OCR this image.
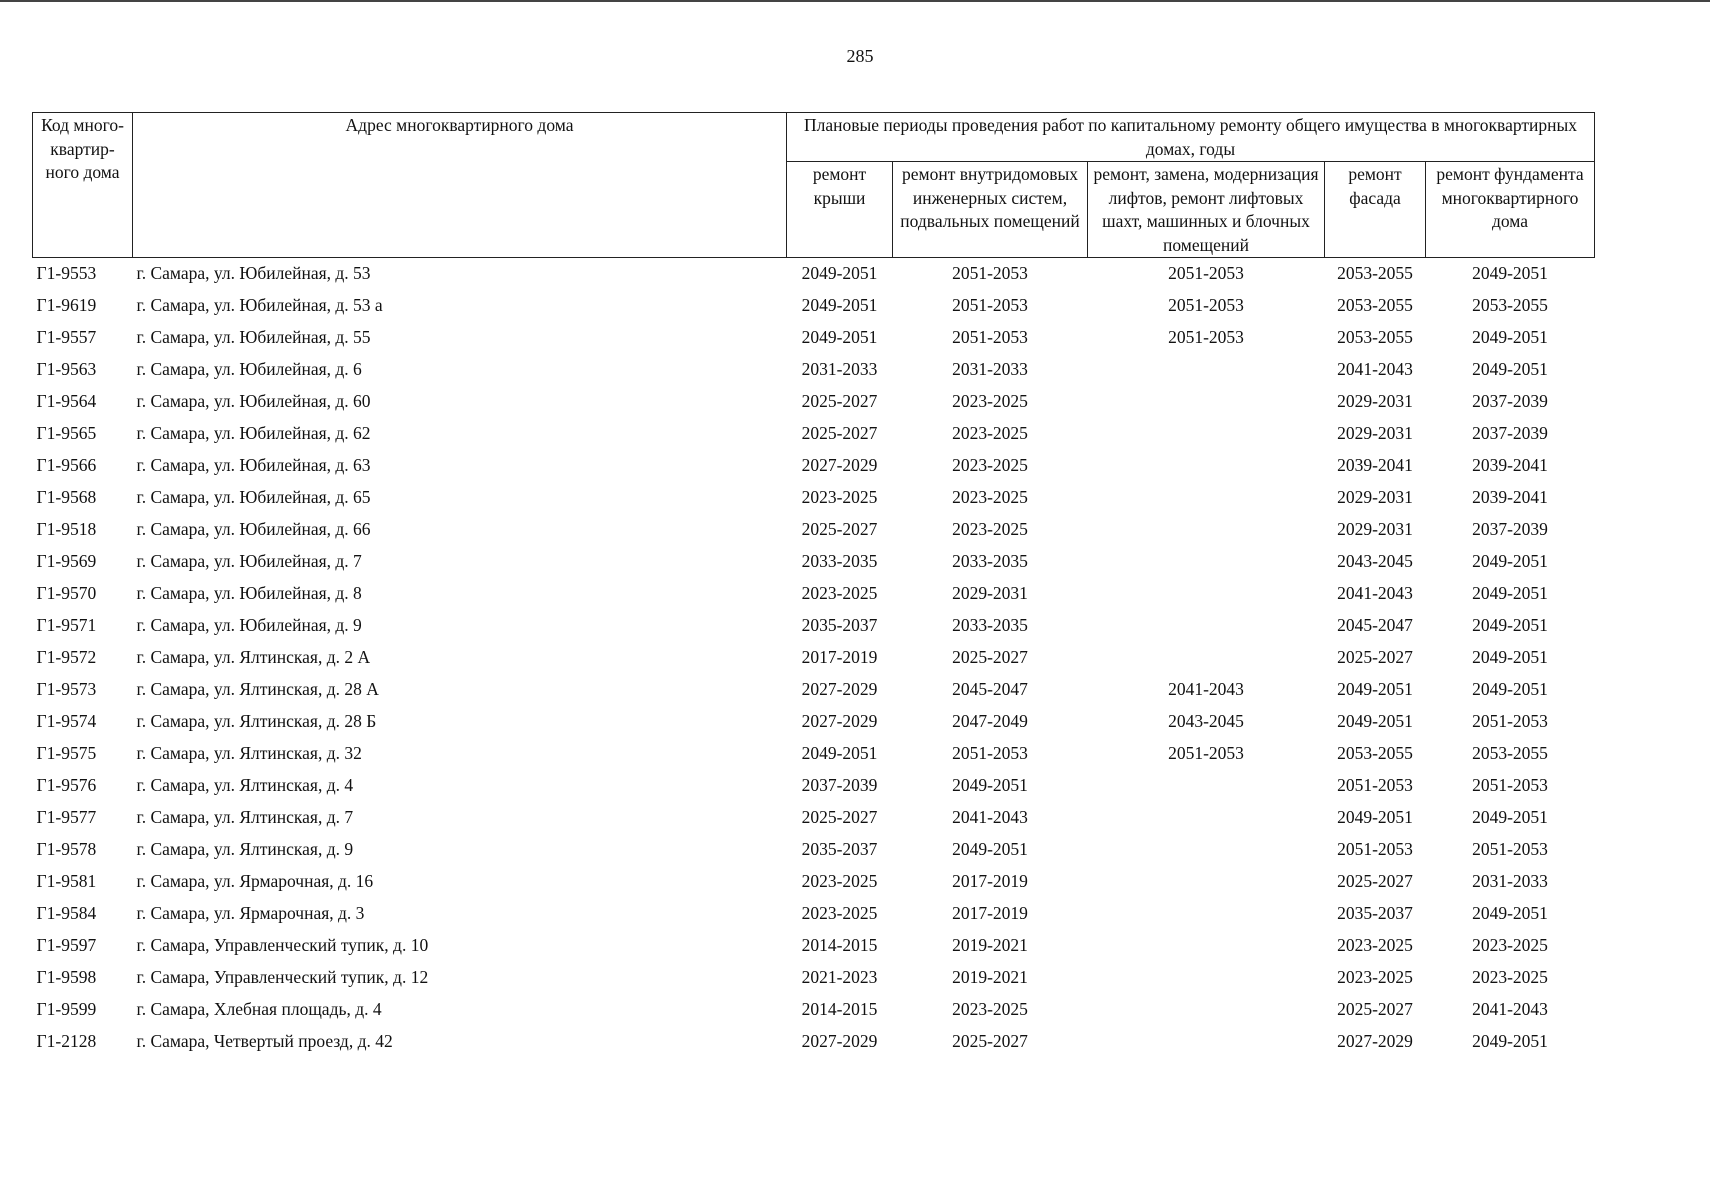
285
Код много-квартир-ного дома	Адрес многоквартирного дома	Плановые периоды проведения работ по капитальному ремонту общего имущества в многоквартирных домах, годы				
		ремонт крыши	ремонт внутридомовых инженерных систем, подвальных помещений	ремонт, замена, модернизация лифтов, ремонт лифтовых шахт, машинных и блочных помещений	ремонт фасада	ремонт фундамента многоквартирного дома
Г1-9553	г. Самара, ул. Юбилейная, д. 53	2049-2051	2051-2053	2051-2053	2053-2055	2049-2051
Г1-9619	г. Самара, ул. Юбилейная, д. 53 а	2049-2051	2051-2053	2051-2053	2053-2055	2053-2055
Г1-9557	г. Самара, ул. Юбилейная, д. 55	2049-2051	2051-2053	2051-2053	2053-2055	2049-2051
Г1-9563	г. Самара, ул. Юбилейная, д. 6	2031-2033	2031-2033		2041-2043	2049-2051
Г1-9564	г. Самара, ул. Юбилейная, д. 60	2025-2027	2023-2025		2029-2031	2037-2039
Г1-9565	г. Самара, ул. Юбилейная, д. 62	2025-2027	2023-2025		2029-2031	2037-2039
Г1-9566	г. Самара, ул. Юбилейная, д. 63	2027-2029	2023-2025		2039-2041	2039-2041
Г1-9568	г. Самара, ул. Юбилейная, д. 65	2023-2025	2023-2025		2029-2031	2039-2041
Г1-9518	г. Самара, ул. Юбилейная, д. 66	2025-2027	2023-2025		2029-2031	2037-2039
Г1-9569	г. Самара, ул. Юбилейная, д. 7	2033-2035	2033-2035		2043-2045	2049-2051
Г1-9570	г. Самара, ул. Юбилейная, д. 8	2023-2025	2029-2031		2041-2043	2049-2051
Г1-9571	г. Самара, ул. Юбилейная, д. 9	2035-2037	2033-2035		2045-2047	2049-2051
Г1-9572	г. Самара, ул. Ялтинская, д. 2 А	2017-2019	2025-2027		2025-2027	2049-2051
Г1-9573	г. Самара, ул. Ялтинская, д. 28 А	2027-2029	2045-2047	2041-2043	2049-2051	2049-2051
Г1-9574	г. Самара, ул. Ялтинская, д. 28 Б	2027-2029	2047-2049	2043-2045	2049-2051	2051-2053
Г1-9575	г. Самара, ул. Ялтинская, д. 32	2049-2051	2051-2053	2051-2053	2053-2055	2053-2055
Г1-9576	г. Самара, ул. Ялтинская, д. 4	2037-2039	2049-2051		2051-2053	2051-2053
Г1-9577	г. Самара, ул. Ялтинская, д. 7	2025-2027	2041-2043		2049-2051	2049-2051
Г1-9578	г. Самара, ул. Ялтинская, д. 9	2035-2037	2049-2051		2051-2053	2051-2053
Г1-9581	г. Самара, ул. Ярмарочная, д. 16	2023-2025	2017-2019		2025-2027	2031-2033
Г1-9584	г. Самара, ул. Ярмарочная, д. 3	2023-2025	2017-2019		2035-2037	2049-2051
Г1-9597	г. Самара, Управленческий тупик, д. 10	2014-2015	2019-2021		2023-2025	2023-2025
Г1-9598	г. Самара, Управленческий тупик, д. 12	2021-2023	2019-2021		2023-2025	2023-2025
Г1-9599	г. Самара, Хлебная площадь, д. 4	2014-2015	2023-2025		2025-2027	2041-2043
Г1-2128	г. Самара, Четвертый проезд, д. 42	2027-2029	2025-2027		2027-2029	2049-2051
